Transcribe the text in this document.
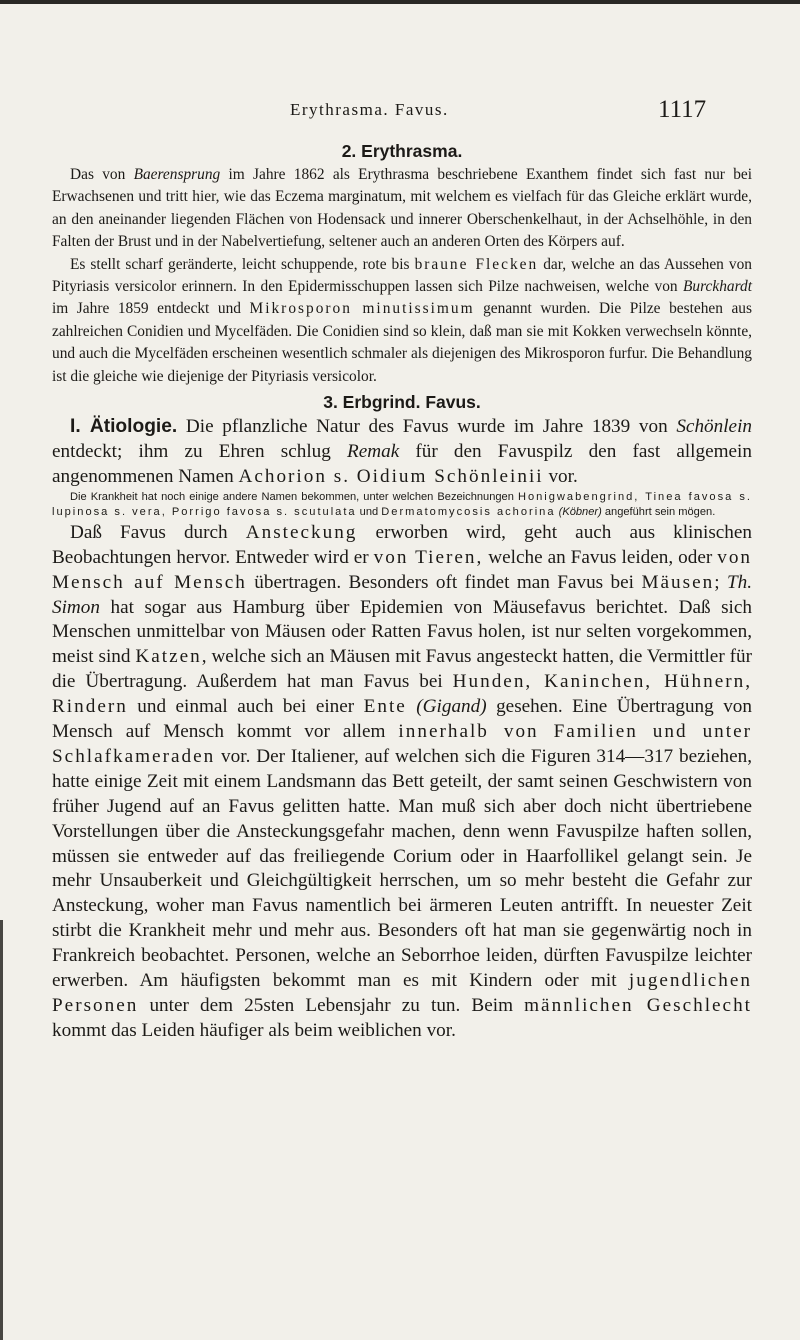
Erythrasma. Favus.	1117
2. Erythrasma.

Das von Baerensprung im Jahre 1862 als Erythrasma beschriebene Exanthem findet sich fast nur bei Erwachsenen und tritt hier, wie das Eczema marginatum, mit welchem es vielfach für das Gleiche erklärt wurde, an den aneinander liegenden Flächen von Hodensack und innerer Oberschenkelhaut, in der Achselhöhle, in den Falten der Brust und in der Nabelvertiefung, seltener auch an anderen Orten des Körpers auf.

Es stellt scharf geränderte, leicht schuppende, rote bis braune Flecken dar, welche an das Aussehen von Pityriasis versicolor erinnern. In den Epidermisschuppen lassen sich Pilze nachweisen, welche von Burckhardt im Jahre 1859 entdeckt und Mikrosporon minutissimum genannt wurden. Die Pilze bestehen aus zahlreichen Conidien und Mycelfäden. Die Conidien sind so klein, daß man sie mit Kokken verwechseln könnte, und auch die Mycelfäden erscheinen wesentlich schmaler als diejenigen des Mikrosporon furfur. Die Behandlung ist die gleiche wie diejenige der Pityriasis versicolor.

3. Erbgrind. Favus.

I. Ätiologie. Die pflanzliche Natur des Favus wurde im Jahre 1839 von Schönlein entdeckt; ihm zu Ehren schlug Remak für den Favuspilz den fast allgemein angenommenen Namen Achorion s. Oidium Schönleinii vor.

Die Krankheit hat noch einige andere Namen bekommen, unter welchen Bezeichnungen Honigwabengrind, Tinea favosa s. lupinosa s. vera, Porrigo favosa s. scutulata und Dermatomycosis achorina (Köbner) angeführt sein mögen.

Daß Favus durch Ansteckung erworben wird, geht auch aus klinischen Beobachtungen hervor. Entweder wird er von Tieren, welche an Favus leiden, oder von Mensch auf Mensch übertragen. Besonders oft findet man Favus bei Mäusen; Th. Simon hat sogar aus Hamburg über Epidemien von Mäusefavus berichtet. Daß sich Menschen unmittelbar von Mäusen oder Ratten Favus holen, ist nur selten vorgekommen, meist sind Katzen, welche sich an Mäusen mit Favus angesteckt hatten, die Vermittler für die Übertragung. Außerdem hat man Favus bei Hunden, Kaninchen, Hühnern, Rindern und einmal auch bei einer Ente (Gigand) gesehen. Eine Übertragung von Mensch auf Mensch kommt vor allem innerhalb von Familien und unter Schlafkameraden vor. Der Italiener, auf welchen sich die Figuren 314—317 beziehen, hatte einige Zeit mit einem Landsmann das Bett geteilt, der samt seinen Geschwistern von früher Jugend auf an Favus gelitten hatte. Man muß sich aber doch nicht übertriebene Vorstellungen über die Ansteckungsgefahr machen, denn wenn Favuspilze haften sollen, müssen sie entweder auf das freiliegende Corium oder in Haarfollikel gelangt sein. Je mehr Unsauberkeit und Gleichgültigkeit herrschen, um so mehr besteht die Gefahr zur Ansteckung, woher man Favus namentlich bei ärmeren Leuten antrifft. In neuester Zeit stirbt die Krankheit mehr und mehr aus. Besonders oft hat man sie gegenwärtig noch in Frankreich beobachtet. Personen, welche an Seborrhoe leiden, dürften Favuspilze leichter erwerben. Am häufigsten bekommt man es mit Kindern oder mit jugendlichen Personen unter dem 25sten Lebensjahr zu tun. Beim männlichen Geschlecht kommt das Leiden häufiger als beim weiblichen vor.
